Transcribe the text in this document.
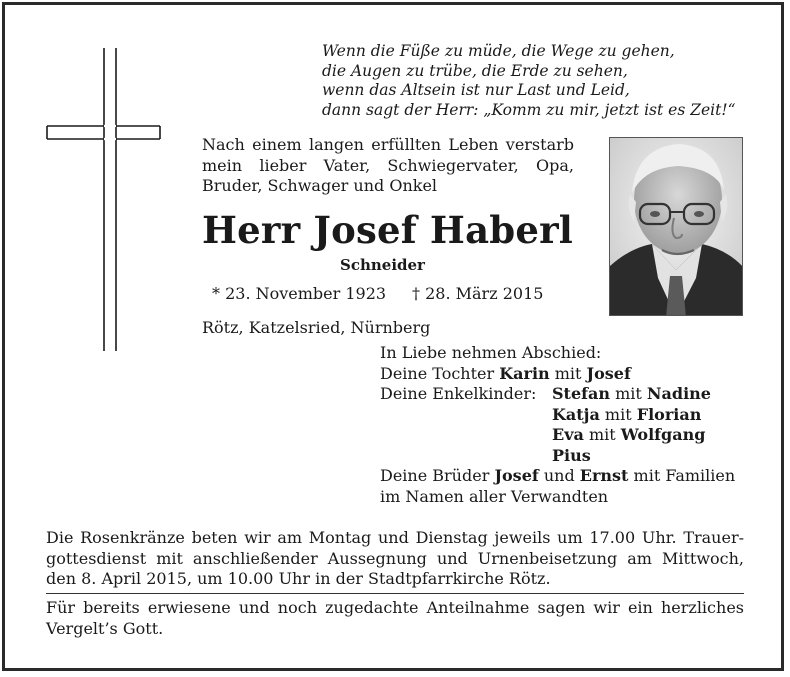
Wenn die Füße zu müde, die Wege zu gehen,
die Augen zu trübe, die Erde zu sehen,
wenn das Altsein ist nur Last und Leid,
dann sagt der Herr: „Komm zu mir, jetzt ist es Zeit!“
Nach einem langen erfüllten Leben verstarb
mein lieber Vater, Schwiegervater, Opa,
Bruder, Schwager und Onkel
Herr Josef Haberl
Schneider
* 23. November 1923 † 28. März 2015
Rötz, Katzelsried, Nürnberg
In Liebe nehmen Abschied:
Deine Tochter Karin mit Josef
Deine Enkelkinder: Stefan mit Nadine
Katja mit Florian
Eva mit Wolfgang
Pius
Deine Brüder Josef und Ernst mit Familien
im Namen aller Verwandten
Die Rosenkränze beten wir am Montag und Dienstag jeweils um 17.00 Uhr. Trauer-
gottesdienst mit anschließender Aussegnung und Urnenbeisetzung am Mittwoch,
den 8. April 2015, um 10.00 Uhr in der Stadtpfarrkirche Rötz.
Für bereits erwiesene und noch zugedachte Anteilnahme sagen wir ein herzliches
Vergelt’s Gott.
